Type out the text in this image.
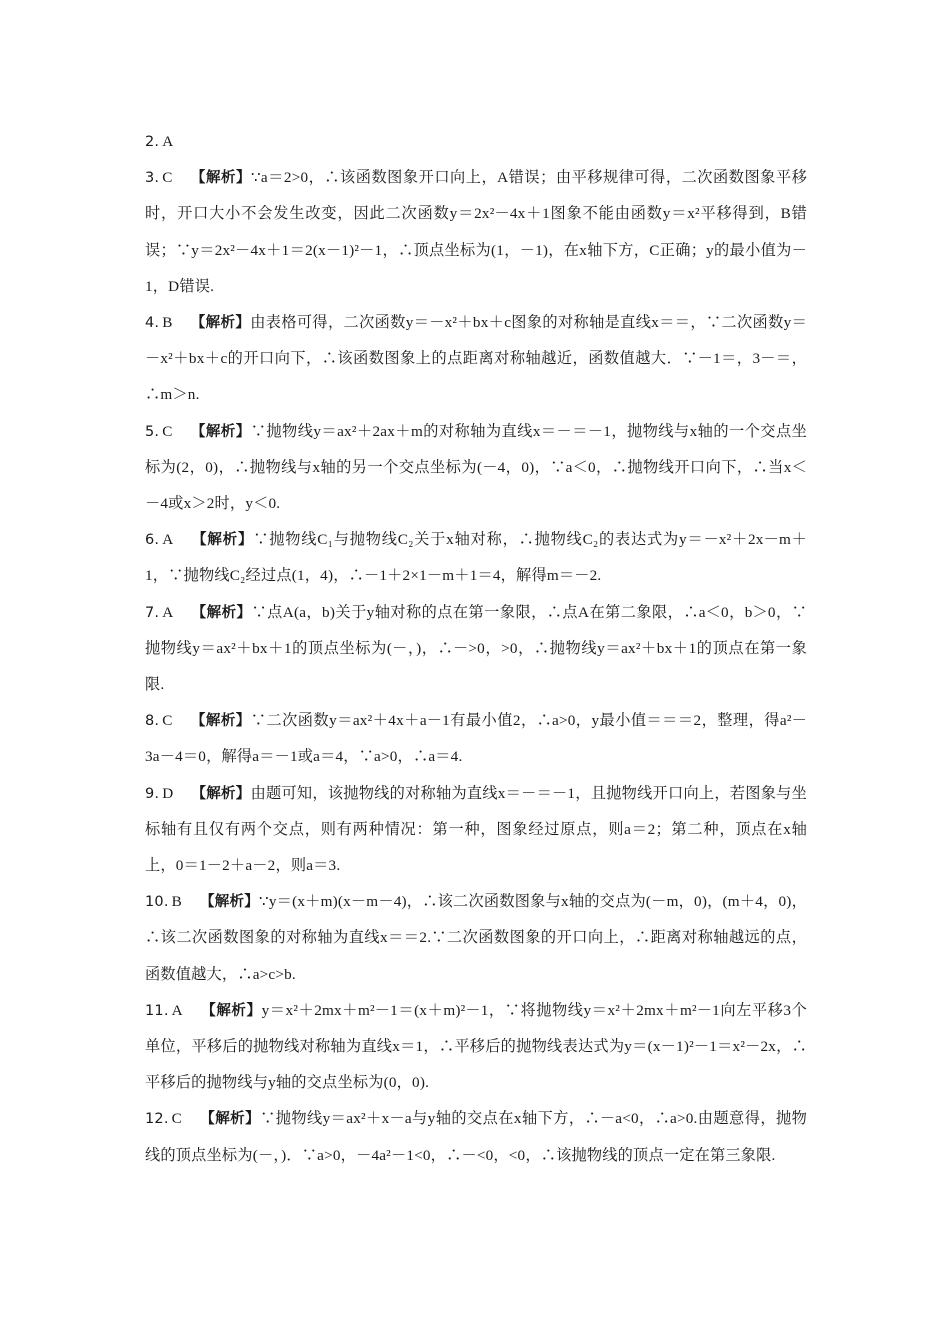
2. A
3. C 【解析】∵a＝2>0，∴该函数图象开口向上，A错误；由平移规律可得，二次函数图象平移时，开口大小不会发生改变，因此二次函数y＝2x²－4x＋1图象不能由函数y＝x²平移得到，B错误；∵y＝2x²－4x＋1＝2(x－1)²－1，∴顶点坐标为(1，－1)，在x轴下方，C正确；y的最小值为－1，D错误.
4. B 【解析】由表格可得，二次函数y＝－x²＋bx＋c图象的对称轴是直线x＝＝，∵二次函数y＝－x²＋bx＋c的开口向下，∴该函数图象上的点距离对称轴越近，函数值越大．∵－1＝，3－＝，∴m＞n.
5. C 【解析】∵抛物线y＝ax²＋2ax＋m的对称轴为直线x＝－＝－1，抛物线与x轴的一个交点坐标为(2，0)，∴抛物线与x轴的另一个交点坐标为(－4，0)，∵a＜0，∴抛物线开口向下，∴当x＜－4或x＞2时，y＜0.
6. A 【解析】∵抛物线C₁与抛物线C₂关于x轴对称，∴抛物线C₂的表达式为y＝－x²＋2x－m＋1，∵抛物线C₂经过点(1，4)，∴－1＋2×1－m＋1＝4，解得m＝－2.
7. A 【解析】∵点A(a，b)关于y轴对称的点在第一象限，∴点A在第二象限，∴a＜0，b＞0，∵抛物线y＝ax²＋bx＋1的顶点坐标为(－，)，∴－>0，>0，∴抛物线y＝ax²＋bx＋1的顶点在第一象限.
8. C 【解析】∵二次函数y＝ax²＋4x＋a－1有最小值2，∴a>0，y最小值＝＝＝2，整理，得a²－3a－4＝0，解得a＝－1或a＝4，∵a>0，∴a＝4.
9. D 【解析】由题可知，该抛物线的对称轴为直线x＝－＝－1，且抛物线开口向上，若图象与坐标轴有且仅有两个交点，则有两种情况：第一种，图象经过原点，则a＝2；第二种，顶点在x轴上，0＝1－2＋a－2，则a＝3.
10. B 【解析】∵y＝(x＋m)(x－m－4)，∴该二次函数图象与x轴的交点为(－m，0)，(m＋4，0)，∴该二次函数图象的对称轴为直线x＝＝2.∵二次函数图象的开口向上，∴距离对称轴越远的点，函数值越大，∴a>c>b.
11. A 【解析】y＝x²＋2mx＋m²－1＝(x＋m)²－1，∵将抛物线y＝x²＋2mx＋m²－1向左平移3个单位，平移后的抛物线对称轴为直线x＝1，∴平移后的抛物线表达式为y＝(x－1)²－1＝x²－2x，∴平移后的抛物线与y轴的交点坐标为(0，0).
12. C 【解析】∵抛物线y＝ax²＋x－a与y轴的交点在x轴下方，∴－a<0，∴a>0.由题意得，抛物线的顶点坐标为(－，)．∵a>0，－4a²－1<0，∴－<0，<0，∴该抛物线的顶点一定在第三象限.
